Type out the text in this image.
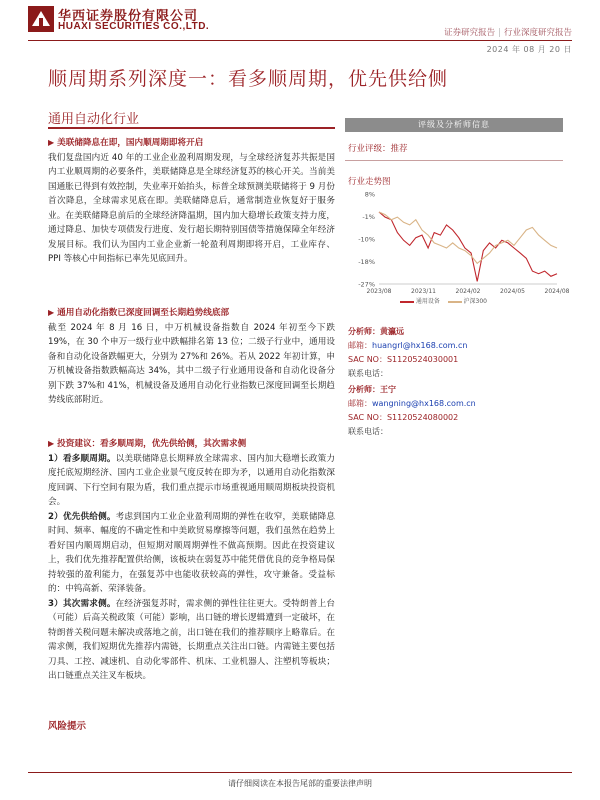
华西证券股份有限公司
HUAXI SECURITIES CO.,LTD.
证券研究报告 | 行业深度研究报告
2024 年 08 月 20 日
顺周期系列深度一：看多顺周期，优先供给侧
通用自动化行业
▶ 美联储降息在即，国内顺周期即将开启

我们复盘国内近 40 年的工业企业盈利周期发现，与全球经济复苏共振是国内工业顺周期的必要条件，美联储降息是全球经济复苏的核心开关。当前美国通胀已得到有效控制，失业率开始抬头，标普全球预测美联储将于 9 月份首次降息，全球需求见底在即。美联储降息后，通常制造业恢复好于服务业。在美联储降息前后的全球经济降温期，国内加大稳增长政策支持力度，通过降息、加快专项债发行进度、发行超长期特别国债等措施保障全年经济发展目标。我们认为国内工业企业新一轮盈利周期即将开启，工业库存、PPI 等核心中间指标已率先见底回升。

▶ 通用自动化指数已深度回调至长期趋势线底部

截至 2024 年 8 月 16 日，中万机械设备指数自 2024 年初至今下跌 19%，在 30 个申万一级行业中跌幅排名第 13 位；二级子行业中，通用设备和自动化设备跌幅更大，分别为 27%和 26%。若从 2022 年初计算，申万机械设备指数跌幅高达 34%，其中二级子行业通用设备和自动化设备分别下跌 37%和 41%，机械设备及通用自动化行业指数已深度回调至长期趋势线底部附近。

▶ 投资建议：看多顺周期，优先供给侧，其次需求侧

1）看多顺周期。以美联储降息长期释放全球需求、国内加大稳增长政策力度托底短期经济、国内工业企业景气度反转在即为矛，以通用自动化指数深度回调、下行空间有限为盾，我们重点提示市场重视通用顺周期板块投资机会。

2）优先供给侧。考虑到国内工业企业盈利周期的弹性在收窄，美联储降息时间、频率、幅度的不确定性和中美欧贸易摩擦等问题，我们虽然在趋势上看好国内顺周期启动，但短期对顺周期弹性不做高预期。因此在投资建议上，我们优先推荐配置供给侧，该板块在弱复苏中能凭借优良的竞争格局保持较强的盈利能力，在强复苏中也能收获较高的弹性，攻守兼备。受益标的：中钨高新、荣泽装备。

3）其次需求侧。在经济强复苏时，需求侧的弹性往往更大。受特朗普上台（可能）后高关税政策（可能）影响，出口链的增长逻辑遭到一定破坏，在特朗普关税问题未解决或落地之前，出口链在我们的推荐顺序上略靠后。在需求侧，我们短期优先推荐内需链，长期重点关注出口链。内需链主要包括刀具、工控、减速机、自动化零部件、机床、工业机器人、注塑机等板块；出口链重点关注叉车板块。

风险提示
评级及分析师信息
行业评级：推荐
行业走势图
8%
-1%
-10%
-18%
-27%
2023/08	2023/11	2024/02	2024/05	2024/08
通用设备	沪深300
分析师：黄瀛远
邮箱：huangrl@hx168.com.cn
SAC NO：S1120524030001
联系电话：
分析师：王宁
邮箱：wangning@hx168.com.cn
SAC NO：S1120524080002
联系电话：
请仔细阅读在本报告尾部的重要法律声明
